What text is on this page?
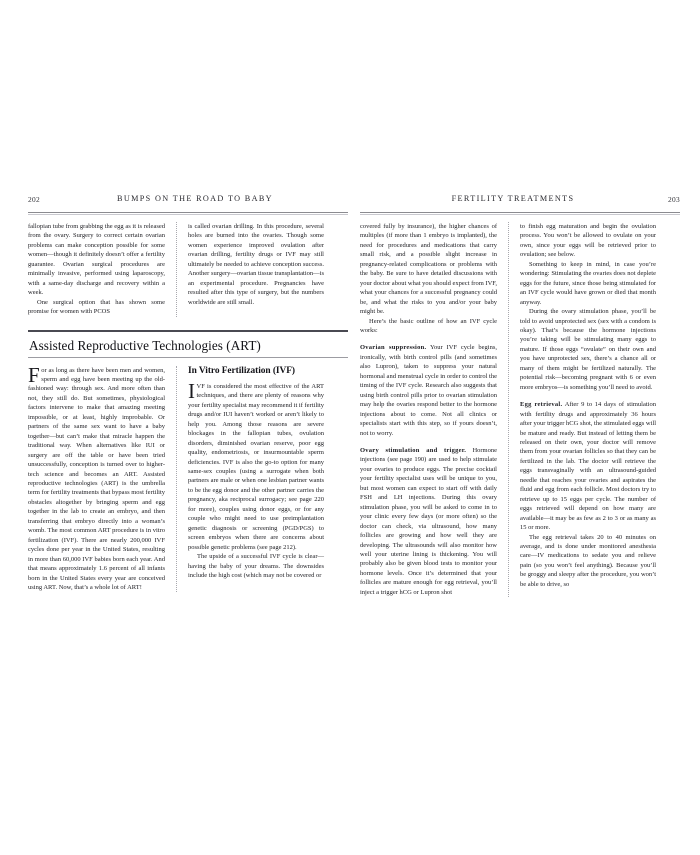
202	BUMPS ON THE ROAD TO BABY

fallopian tube from grabbing the egg as it is released from the ovary. Surgery to correct certain ovarian problems can make conception possible for some women—though it definitely doesn’t offer a fertility guarantee. Ovarian surgical procedures are minimally invasive, performed using laparoscopy, with a same-day discharge and recovery within a week.

One surgical option that has shown some promise for women with PCOS

is called ovarian drilling. In this procedure, several holes are burned into the ovaries. Though some women experience improved ovulation after ovarian drilling, fertility drugs or IVF may still ultimately be needed to achieve conception success. Another surgery—ovarian tissue transplantation—is an experimental procedure. Pregnancies have resulted after this type of surgery, but the numbers worldwide are still small.

Assisted Reproductive Technologies (ART)

For as long as there have been men and women, sperm and egg have been meeting up the old-fashioned way: through sex. And more often than not, they still do. But sometimes, physiological factors intervene to make that amazing meeting impossible, or at least, highly improbable. Or partners of the same sex want to have a baby together—but can’t make that miracle happen the traditional way. When alternatives like IUI or surgery are off the table or have been tried unsuccessfully, conception is turned over to higher-tech science and becomes an ART. Assisted reproductive technologies (ART) is the umbrella term for fertility treatments that bypass most fertility obstacles altogether by bringing sperm and egg together in the lab to create an embryo, and then transferring that embryo directly into a woman’s womb. The most common ART procedure is in vitro fertilization (IVF). There are nearly 200,000 IVF cycles done per year in the United States, resulting in more than 60,000 IVF babies born each year. And that means approximately 1.6 percent of all infants born in the United States every year are conceived using ART. Now, that’s a whole lot of ART!

In Vitro Fertilization (IVF)

IVF is considered the most effective of the ART techniques, and there are plenty of reasons why your fertility specialist may recommend it if fertility drugs and/or IUI haven’t worked or aren’t likely to help you. Among those reasons are severe blockages in the fallopian tubes, ovulation disorders, diminished ovarian reserve, poor egg quality, endometriosis, or insurmountable sperm deficiencies. IVF is also the go-to option for many same-sex couples (using a surrogate when both partners are male or when one lesbian partner wants to be the egg donor and the other partner carries the pregnancy, aka reciprocal surrogacy; see page 220 for more), couples using donor eggs, or for any couple who might need to use preimplantation genetic diagnosis or screening (PGD/PGS) to screen embryos when there are concerns about possible genetic problems (see page 212).

The upside of a successful IVF cycle is clear—having the baby of your dreams. The downsides include the high cost (which may not be covered or

FERTILITY TREATMENTS	203

covered fully by insurance), the higher chances of multiples (if more than 1 embryo is implanted), the need for procedures and medications that carry small risk, and a possible slight increase in pregnancy-related complications or problems with the baby. Be sure to have detailed discussions with your doctor about what you should expect from IVF, what your chances for a successful pregnancy could be, and what the risks to you and/or your baby might be.

Here’s the basic outline of how an IVF cycle works:

Ovarian suppression. Your IVF cycle begins, ironically, with birth control pills (and sometimes also Lupron), taken to suppress your natural hormonal and menstrual cycle in order to control the timing of the IVF cycle. Research also suggests that using birth control pills prior to ovarian stimulation may help the ovaries respond better to the hormone injections about to come. Not all clinics or specialists start with this step, so if yours doesn’t, not to worry.

Ovary stimulation and trigger. Hormone injections (see page 190) are used to help stimulate your ovaries to produce eggs. The precise cocktail your fertility specialist uses will be unique to you, but most women can expect to start off with daily FSH and LH injections. During this ovary stimulation phase, you will be asked to come in to your clinic every few days (or more often) so the doctor can check, via ultrasound, how many follicles are growing and how well they are developing. The ultrasounds will also monitor how well your uterine lining is thickening. You will probably also be given blood tests to monitor your hormone levels. Once it’s determined that your follicles are mature enough for egg retrieval, you’ll inject a trigger hCG or Lupron shot

to finish egg maturation and begin the ovulation process. You won’t be allowed to ovulate on your own, since your eggs will be retrieved prior to ovulation; see below.

Something to keep in mind, in case you’re wondering: Stimulating the ovaries does not deplete eggs for the future, since those being stimulated for an IVF cycle would have grown or died that month anyway.

During the ovary stimulation phase, you’ll be told to avoid unprotected sex (sex with a condom is okay). That’s because the hormone injections you’re taking will be stimulating many eggs to mature. If those eggs “ovulate” on their own and you have unprotected sex, there’s a chance all or many of them might be fertilized naturally. The potential risk—becoming pregnant with 6 or even more embryos—is something you’ll need to avoid.

Egg retrieval. After 9 to 14 days of stimulation with fertility drugs and approximately 36 hours after your trigger hCG shot, the stimulated eggs will be mature and ready. But instead of letting them be released on their own, your doctor will remove them from your ovarian follicles so that they can be fertilized in the lab. The doctor will retrieve the eggs transvaginally with an ultrasound-guided needle that reaches your ovaries and aspirates the fluid and egg from each follicle. Most doctors try to retrieve up to 15 eggs per cycle. The number of eggs retrieved will depend on how many are available—it may be as few as 2 to 3 or as many as 15 or more.

The egg retrieval takes 20 to 40 minutes on average, and is done under monitored anesthesia care—IV medications to sedate you and relieve pain (so you won’t feel anything). Because you’ll be groggy and sleepy after the procedure, you won’t be able to drive, so
